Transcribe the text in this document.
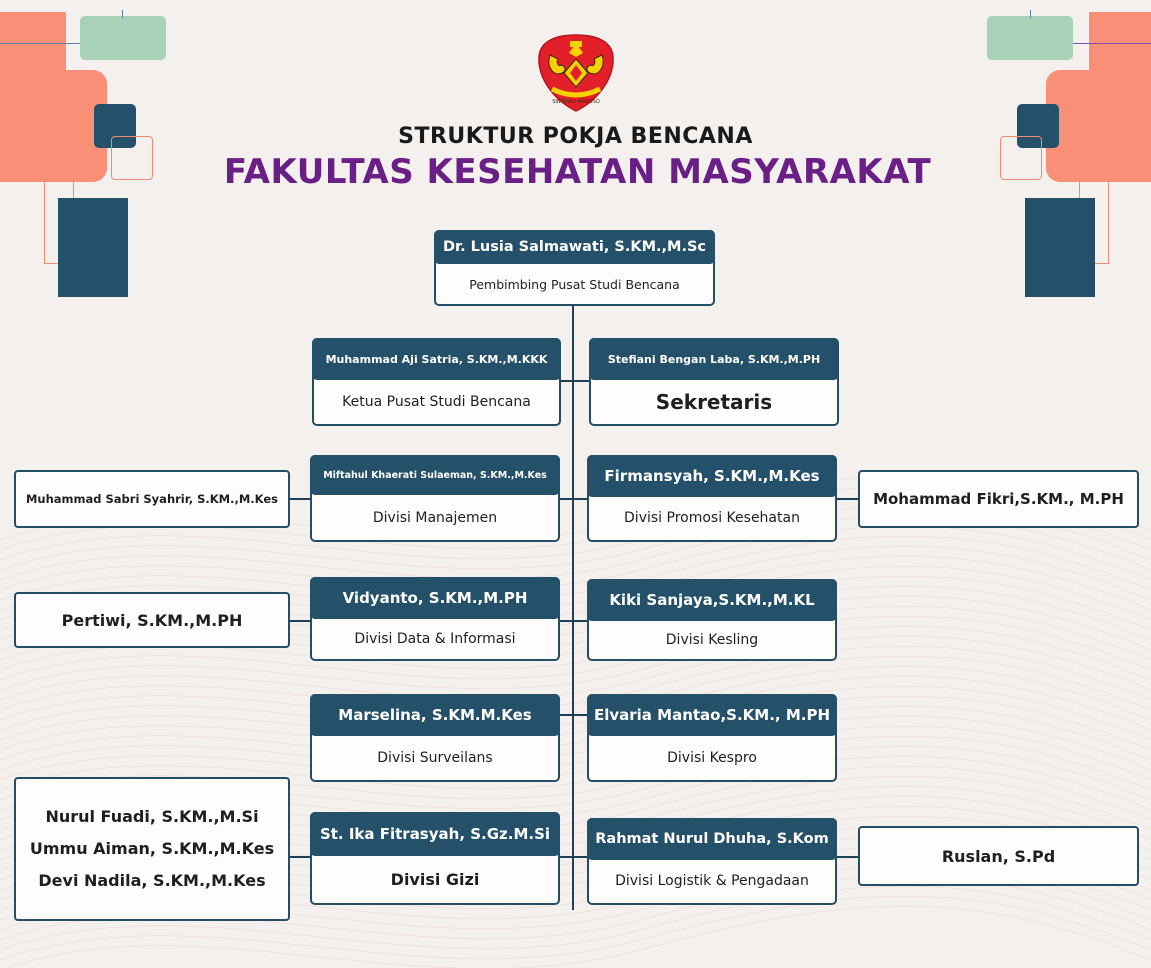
SINTUWU MAROSO
STRUKTUR POKJA BENCANA
FAKULTAS KESEHATAN MASYARAKAT
Dr. Lusia Salmawati, S.KM.,M.Sc
Pembimbing Pusat Studi Bencana
Muhammad Aji Satria, S.KM.,M.KKK
Ketua Pusat Studi Bencana
Stefiani Bengan Laba, S.KM.,M.PH
Sekretaris
Miftahul Khaerati Sulaeman, S.KM.,M.Kes
Divisi Manajemen
Firmansyah, S.KM.,M.Kes
Divisi Promosi Kesehatan
Muhammad Sabri Syahrir, S.KM.,M.Kes	Mohammad Fikri,S.KM., M.PH
Vidyanto, S.KM.,M.PH
Divisi Data & Informasi
Kiki Sanjaya,S.KM.,M.KL
Divisi Kesling
Pertiwi, S.KM.,M.PH
Marselina, S.KM.M.Kes
Divisi Surveilans
Elvaria Mantao,S.KM., M.PH
Divisi Kespro
St. Ika Fitrasyah, S.Gz.M.Si
Divisi Gizi
Rahmat Nurul Dhuha, S.Kom
Divisi Logistik & Pengadaan
Nurul Fuadi, S.KM.,M.Si
Ummu Aiman, S.KM.,M.Kes
Devi Nadila, S.KM.,M.Kes
Ruslan, S.Pd
